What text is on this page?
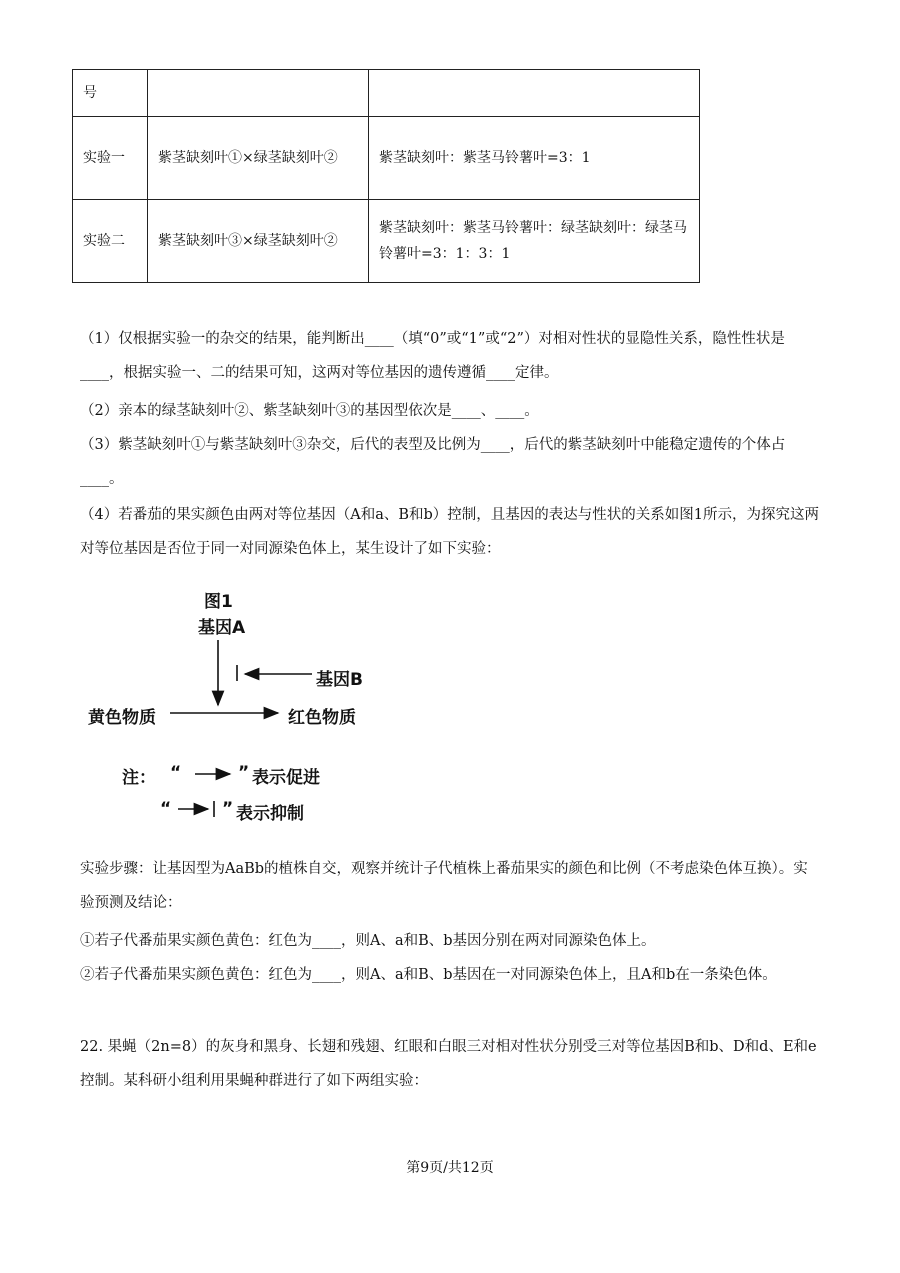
号		
实验一	紫茎缺刻叶①×绿茎缺刻叶②	紫茎缺刻叶：紫茎马铃薯叶=3：1
实验二	紫茎缺刻叶③×绿茎缺刻叶②	紫茎缺刻叶：紫茎马铃薯叶：绿茎缺刻叶：绿茎马铃薯叶=3：1：3：1

（1）仅根据实验一的杂交的结果，能判断出____（填“0”或“1”或“2”）对相对性状的显隐性关系，隐性性状是____，根据实验一、二的结果可知，这两对等位基因的遗传遵循____定律。

（2）亲本的绿茎缺刻叶②、紫茎缺刻叶③的基因型依次是____、____。

（3）紫茎缺刻叶①与紫茎缺刻叶③杂交，后代的表型及比例为____，后代的紫茎缺刻叶中能稳定遗传的个体占____。

（4）若番茄的果实颜色由两对等位基因（A和a、B和b）控制，且基因的表达与性状的关系如图1所示，为探究这两对等位基因是否位于同一对同源染色体上，某生设计了如下实验：

图1
基因A
基因B
黄色物质	红色物质
注： “	” 表示促进
“	” 表示抑制

实验步骤：让基因型为AaBb的植株自交，观察并统计子代植株上番茄果实的颜色和比例（不考虑染色体互换）。实验预测及结论：

①若子代番茄果实颜色黄色：红色为____，则A、a和B、b基因分别在两对同源染色体上。

②若子代番茄果实颜色黄色：红色为____，则A、a和B、b基因在一对同源染色体上，且A和b在一条染色体。

22. 果蝇（2n=8）的灰身和黑身、长翅和残翅、红眼和白眼三对相对性状分别受三对等位基因B和b、D和d、E和e控制。某科研小组利用果蝇种群进行了如下两组实验：

第9页/共12页
